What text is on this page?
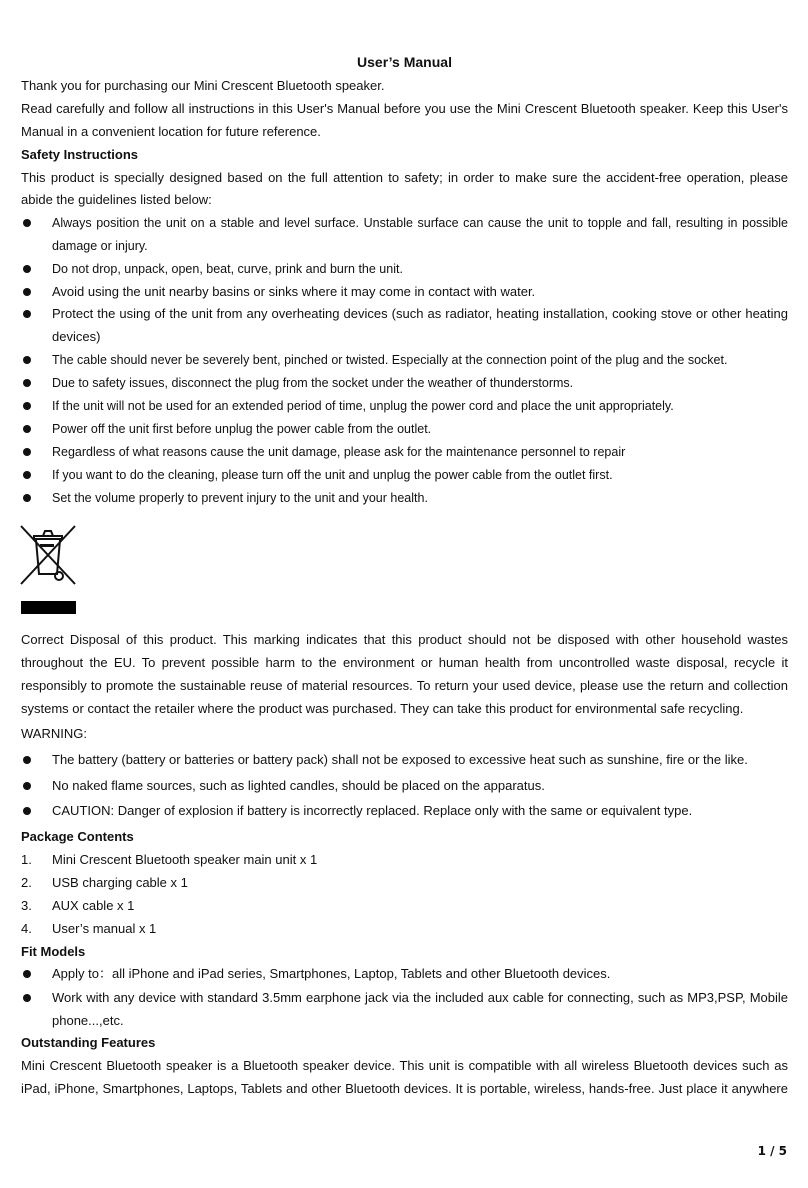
User’s Manual
Thank you for purchasing our Mini Crescent Bluetooth speaker.
Read carefully and follow all instructions in this User's Manual before you use the Mini Crescent Bluetooth speaker. Keep this User's
Manual in a convenient location for future reference.
Safety Instructions
This product is specially designed based on the full attention to safety; in order to make sure the accident-free operation, please
abide the guidelines listed below:
Always position the unit on a stable and level surface. Unstable surface can cause the unit to topple and fall, resulting in possible
damage or injury.
Do not drop, unpack, open, beat, curve, prink and burn the unit.
Avoid using the unit nearby basins or sinks where it may come in contact with water.
Protect the using of the unit from any overheating devices (such as radiator, heating installation, cooking stove or other heating
devices)
The cable should never be severely bent, pinched or twisted. Especially at the connection point of the plug and the socket.
Due to safety issues, disconnect the plug from the socket under the weather of thunderstorms.
If the unit will not be used for an extended period of time, unplug the power cord and place the unit appropriately.
Power off the unit first before unplug the power cable from the outlet.
Regardless of what reasons cause the unit damage, please ask for the maintenance personnel to repair
If you want to do the cleaning, please turn off the unit and unplug the power cable from the outlet first.
Set the volume properly to prevent injury to the unit and your health.
Correct Disposal of this product. This marking indicates that this product should not be disposed with other household wastes
throughout the EU. To prevent possible harm to the environment or human health from uncontrolled waste disposal, recycle it
responsibly to promote the sustainable reuse of material resources. To return your used device, please use the return and collection
systems or contact the retailer where the product was purchased. They can take this product for environmental safe recycling.
WARNING:
The battery (battery or batteries or battery pack) shall not be exposed to excessive heat such as sunshine, fire or the like.
No naked flame sources, such as lighted candles, should be placed on the apparatus.
CAUTION: Danger of explosion if battery is incorrectly replaced. Replace only with the same or equivalent type.
Package Contents
1. Mini Crescent Bluetooth speaker main unit x 1
2. USB charging cable x 1
3. AUX cable x 1
4. User’s manual x 1
Fit Models
Apply to：all iPhone and iPad series, Smartphones, Laptop, Tablets and other Bluetooth devices.
Work with any device with standard 3.5mm earphone jack via the included aux cable for connecting, such as MP3,PSP, Mobile
phone...,etc.
Outstanding Features
Mini Crescent Bluetooth speaker is a Bluetooth speaker device. This unit is compatible with all wireless Bluetooth devices such as
iPad, iPhone, Smartphones, Laptops, Tablets and other Bluetooth devices. It is portable, wireless, hands-free. Just place it anywhere
1 / 5
